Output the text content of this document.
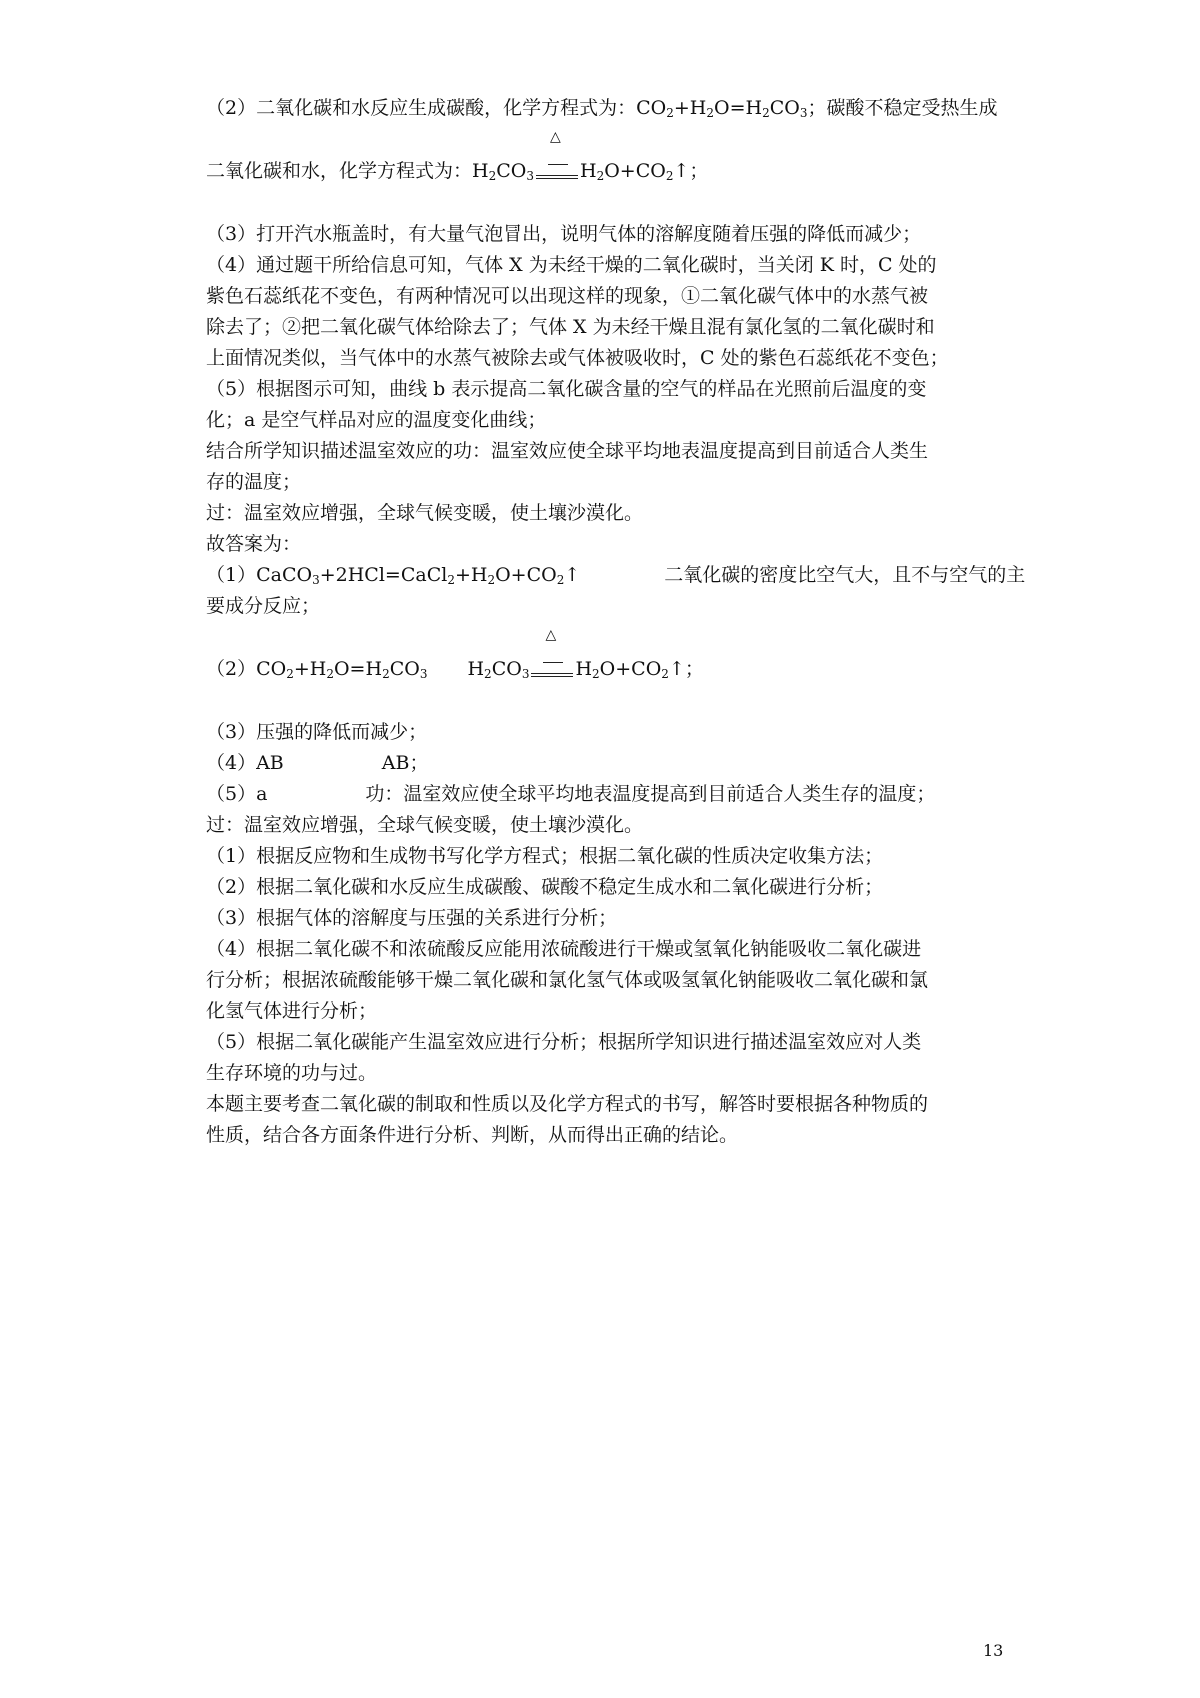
（2）二氧化碳和水反应生成碳酸，化学方程式为：$CO_2+H_2O=H_2CO_3$；碳酸不稳定受热生成
二氧化碳和水，化学方程式为：$H_2CO_3$
△
$H_2O+CO_2↑$；
（3）打开汽水瓶盖时，有大量气泡冒出，说明气体的溶解度随着压强的降低而减少；
（4）通过题干所给信息可知，气体 X 为未经干燥的二氧化碳时，当关闭 K 时，C 处的
紫色石蕊纸花不变色，有两种情况可以出现这样的现象，①二氧化碳气体中的水蒸气被
除去了；②把二氧化碳气体给除去了；气体 X 为未经干燥且混有氯化氢的二氧化碳时和
上面情况类似，当气体中的水蒸气被除去或气体被吸收时，C 处的紫色石蕊纸花不变色；
（5）根据图示可知，曲线 b 表示提高二氧化碳含量的空气的样品在光照前后温度的变
化；a 是空气样品对应的温度变化曲线；
结合所学知识描述温室效应的功：温室效应使全球平均地表温度提高到目前适合人类生
存的温度；
过：温室效应增强，全球气候变暖，使土壤沙漠化。
故答案为：
$(1)CaCO_3+2HCl=CaCl_2+H_2O+CO_2↑$	二氧化碳的密度比空气大，且不与空气的主
要成分反应；
$(2)CO_2+H_2O=H_2CO_3$ $H_2CO_3$
△
$H_2O+CO_2↑$；
（3）压强的降低而减少；
（4）AB	AB；
（5）a	功：温室效应使全球平均地表温度提高到目前适合人类生存的温度；
过：温室效应增强，全球气候变暖，使土壤沙漠化。
（1）根据反应物和生成物书写化学方程式；根据二氧化碳的性质决定收集方法；
（2）根据二氧化碳和水反应生成碳酸、碳酸不稳定生成水和二氧化碳进行分析；
（3）根据气体的溶解度与压强的关系进行分析；
（4）根据二氧化碳不和浓硫酸反应能用浓硫酸进行干燥或氢氧化钠能吸收二氧化碳进
行分析；根据浓硫酸能够干燥二氧化碳和氯化氢气体或吸氢氧化钠能吸收二氧化碳和氯
化氢气体进行分析；
（5）根据二氧化碳能产生温室效应进行分析；根据所学知识进行描述温室效应对人类
生存环境的功与过。
本题主要考查二氧化碳的制取和性质以及化学方程式的书写，解答时要根据各种物质的
性质，结合各方面条件进行分析、判断，从而得出正确的结论。
13
